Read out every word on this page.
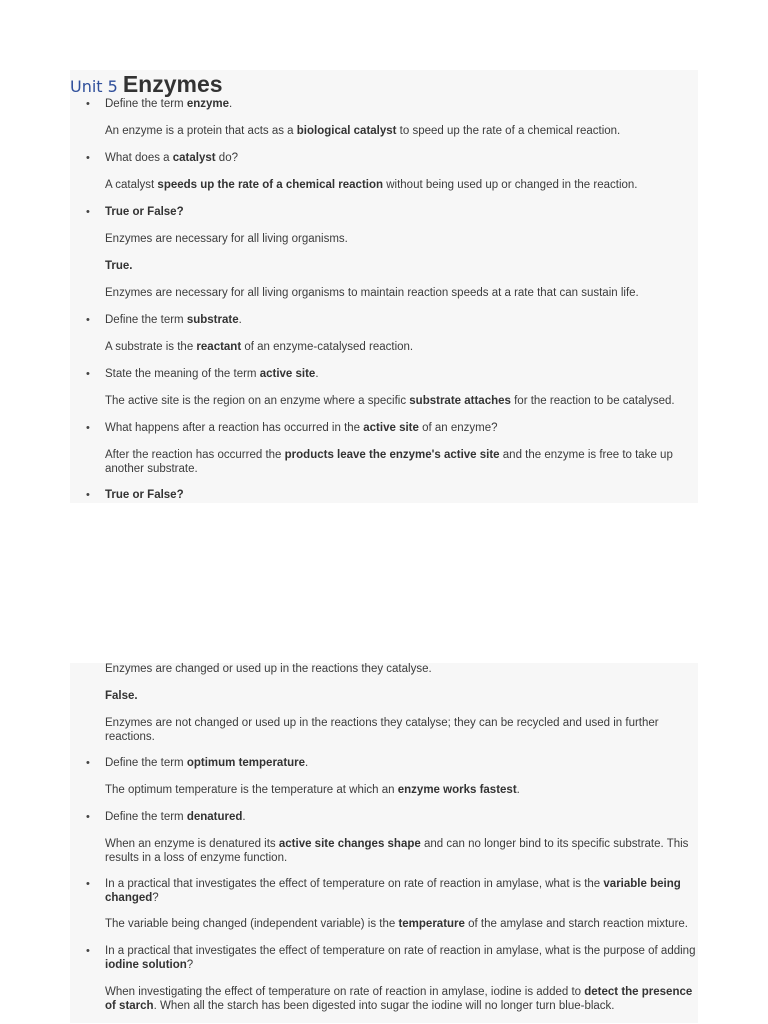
Unit 5 Enzymes
• Define the term enzyme.
An enzyme is a protein that acts as a biological catalyst to speed up the rate of a chemical reaction.
• What does a catalyst do?
A catalyst speeds up the rate of a chemical reaction without being used up or changed in the reaction.
• True or False?
Enzymes are necessary for all living organisms.
True.
Enzymes are necessary for all living organisms to maintain reaction speeds at a rate that can sustain life.
• Define the term substrate.
A substrate is the reactant of an enzyme-catalysed reaction.
• State the meaning of the term active site.
The active site is the region on an enzyme where a specific substrate attaches for the reaction to be catalysed.
• What happens after a reaction has occurred in the active site of an enzyme?
After the reaction has occurred the products leave the enzyme's active site and the enzyme is free to take up another substrate.
• True or False?
Enzymes are changed or used up in the reactions they catalyse.
False.
Enzymes are not changed or used up in the reactions they catalyse; they can be recycled and used in further reactions.
• Define the term optimum temperature.
The optimum temperature is the temperature at which an enzyme works fastest.
• Define the term denatured.
When an enzyme is denatured its active site changes shape and can no longer bind to its specific substrate. This results in a loss of enzyme function.
• In a practical that investigates the effect of temperature on rate of reaction in amylase, what is the variable being changed?
The variable being changed (independent variable) is the temperature of the amylase and starch reaction mixture.
• In a practical that investigates the effect of temperature on rate of reaction in amylase, what is the purpose of adding iodine solution?
When investigating the effect of temperature on rate of reaction in amylase, iodine is added to detect the presence of starch. When all the starch has been digested into sugar the iodine will no longer turn blue-black.
